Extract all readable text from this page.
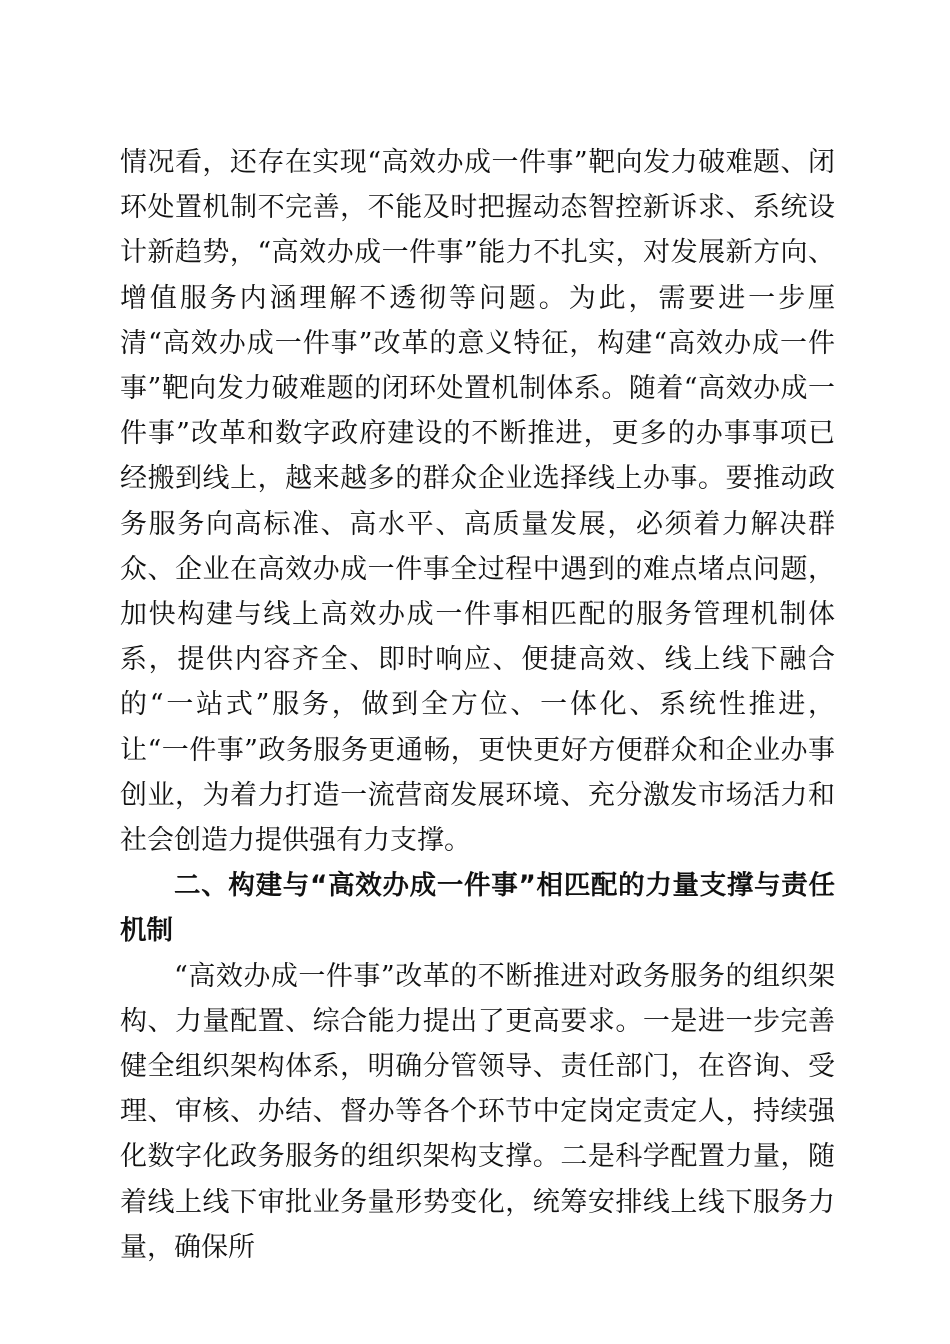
情况看，还存在实现“高效办成一件事”靶向发力破难题、闭环处置机制不完善，不能及时把握动态智控新诉求、系统设计新趋势，“高效办成一件事”能力不扎实，对发展新方向、增值服务内涵理解不透彻等问题。为此，需要进一步厘清“高效办成一件事”改革的意义特征，构建“高效办成一件事”靶向发力破难题的闭环处置机制体系。随着“高效办成一件事”改革和数字政府建设的不断推进，更多的办事事项已经搬到线上，越来越多的群众企业选择线上办事。要推动政务服务向高标准、高水平、高质量发展，必须着力解决群众、企业在高效办成一件事全过程中遇到的难点堵点问题，加快构建与线上高效办成一件事相匹配的服务管理机制体系，提供内容齐全、即时响应、便捷高效、线上线下融合的“一站式”服务，做到全方位、一体化、系统性推进，让“一件事”政务服务更通畅，更快更好方便群众和企业办事创业，为着力打造一流营商发展环境、充分激发市场活力和社会创造力提供强有力支撑。

二、构建与“高效办成一件事”相匹配的力量支撑与责任机制

“高效办成一件事”改革的不断推进对政务服务的组织架构、力量配置、综合能力提出了更高要求。一是进一步完善健全组织架构体系，明确分管领导、责任部门，在咨询、受理、审核、办结、督办等各个环节中定岗定责定人，持续强化数字化政务服务的组织架构支撑。二是科学配置力量，随着线上线下审批业务量形势变化，统筹安排线上线下服务力量，确保所
